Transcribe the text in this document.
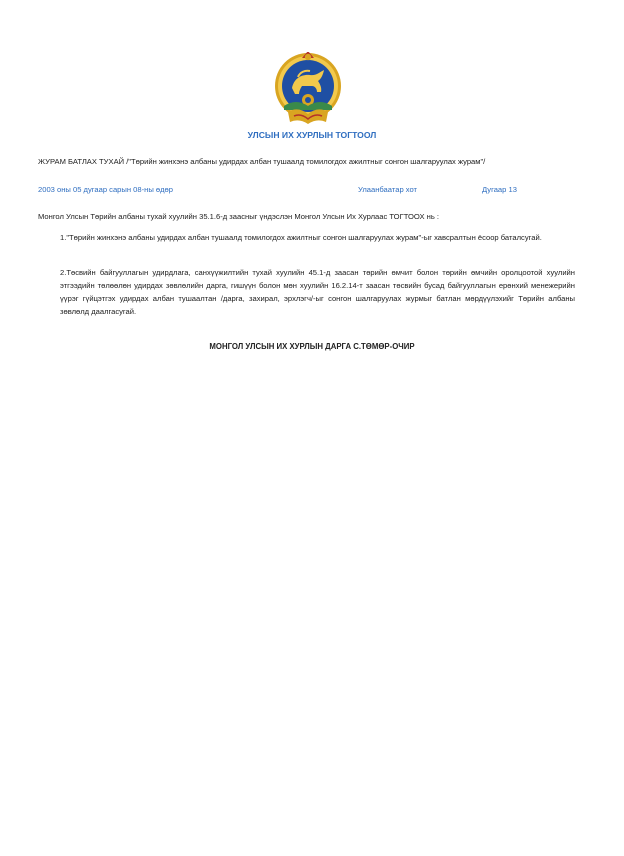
УЛСЫН ИХ ХУРЛЫН ТОГТООЛ
ЖУРАМ БАТЛАХ ТУХАЙ /"Төрийн жинхэнэ албаны удирдах албан тушаалд томилогдох ажилтныг сонгон шалгаруулах журам"/
2003 оны 05 дугаар сарын 08-ны өдөр	Улаанбаатар хот	Дугаар 13
Монгол Улсын Төрийн албаны тухай хуулийн 35.1.6-д заасныг үндэслэн Монгол Улсын Их Хурлаас ТОГТООХ нь :
1."Төрийн жинхэнэ албаны удирдах албан тушаалд томилогдох ажилтныг сонгон шалгаруулах журам"-ыг хавсралтын ёсоор баталсугай.
2.Төсвийн байгууллагын удирдлага, санхүүжилтийн тухай хуулийн 45.1-д заасан төрийн өмчит болон төрийн өмчийн оролцоотой хуулийн этгээдийн төлөөлөн удирдах зөвлөлийн дарга, гишүүн болон мөн хуулийн 16.2.14-т заасан төсвийн бусад байгууллагын ерөнхий менежерийн үүрэг гүйцэтгэх удирдах албан тушаалтан /дарга, захирал, эрхлэгч/-ыг сонгон шалгаруулах журмыг батлан мөрдүүлэхийг Төрийн албаны зөвлөлд даалгасугай.
МОНГОЛ УЛСЫН ИХ ХУРЛЫН ДАРГА С.ТӨМӨР-ОЧИР
